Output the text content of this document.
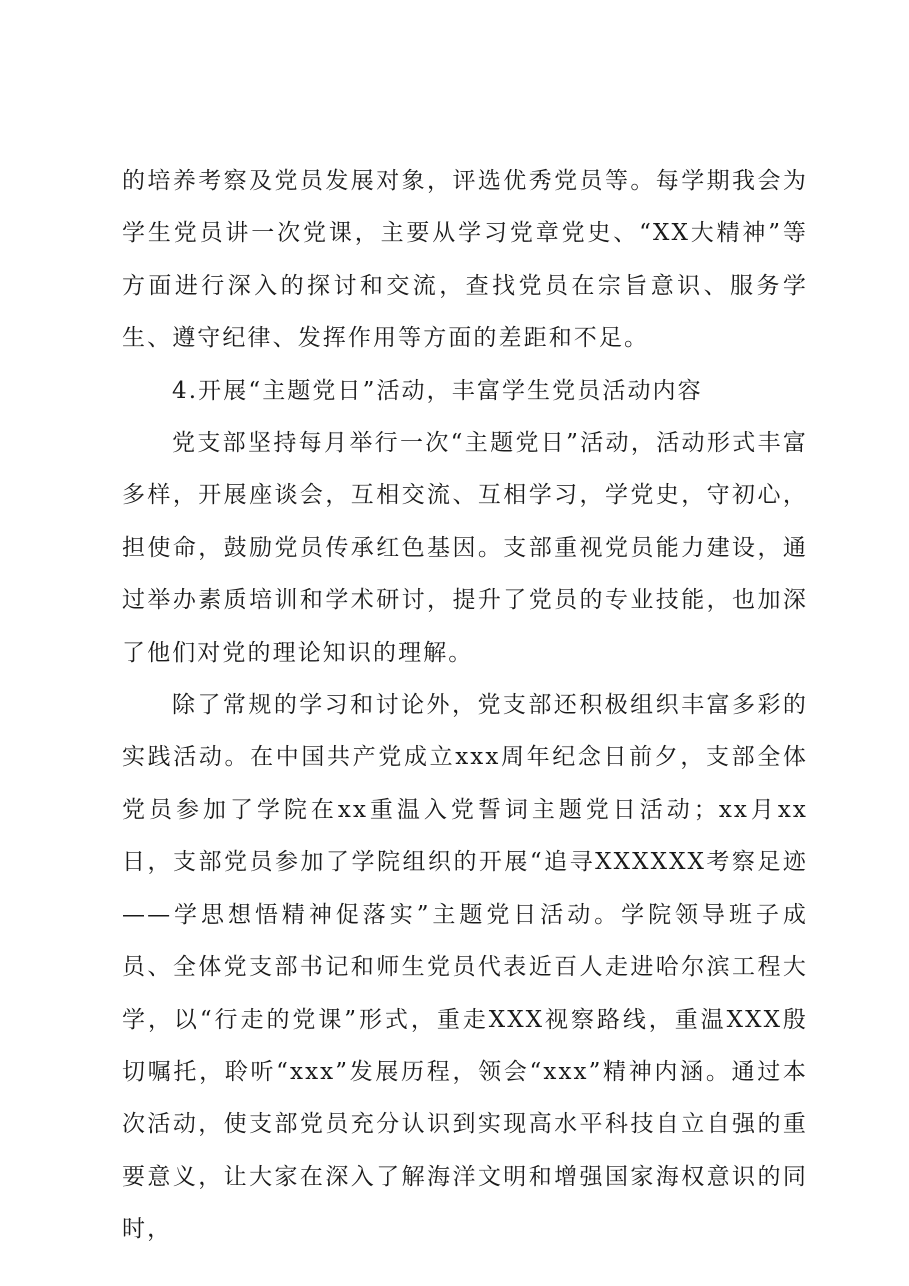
的培养考察及党员发展对象，评选优秀党员等。每学期我会为学生党员讲一次党课，主要从学习党章党史、“XX大精神”等方面进行深入的探讨和交流，查找党员在宗旨意识、服务学生、遵守纪律、发挥作用等方面的差距和不足。

4.开展“主题党日”活动，丰富学生党员活动内容

党支部坚持每月举行一次“主题党日”活动，活动形式丰富多样，开展座谈会，互相交流、互相学习，学党史，守初心，担使命，鼓励党员传承红色基因。支部重视党员能力建设，通过举办素质培训和学术研讨，提升了党员的专业技能，也加深了他们对党的理论知识的理解。

除了常规的学习和讨论外，党支部还积极组织丰富多彩的实践活动。在中国共产党成立xxx周年纪念日前夕，支部全体党员参加了学院在xx重温入党誓词主题党日活动；xx月xx日，支部党员参加了学院组织的开展“追寻XXXXXX考察足迹——学思想悟精神促落实”主题党日活动。学院领导班子成员、全体党支部书记和师生党员代表近百人走进哈尔滨工程大学，以“行走的党课”形式，重走XXX视察路线，重温XXX殷切嘱托，聆听“xxx”发展历程，领会“xxx”精神内涵。通过本次活动，使支部党员充分认识到实现高水平科技自立自强的重要意义，让大家在深入了解海洋文明和增强国家海权意识的同时，
